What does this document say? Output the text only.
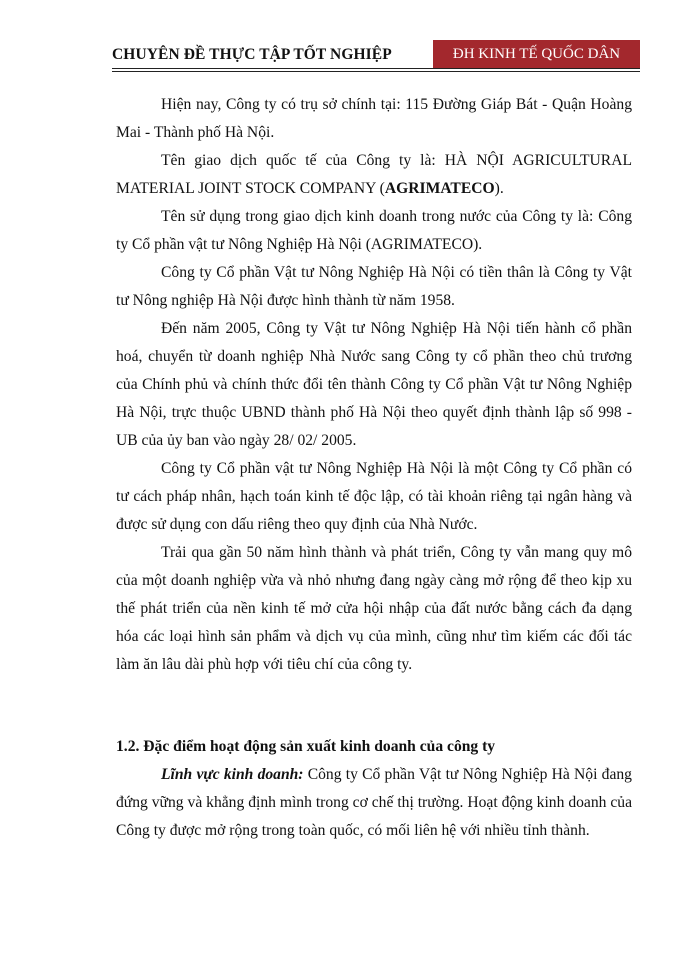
CHUYÊN ĐỀ THỰC TẬP TỐT NGHIỆP	ĐH KINH TẾ QUỐC DÂN

Hiện nay, Công ty có trụ sở chính tại: 115 Đường Giáp Bát - Quận Hoàng Mai - Thành phố Hà Nội.

Tên giao dịch quốc tế của Công ty là: HÀ NỘI AGRICULTURAL MATERIAL JOINT STOCK COMPANY (AGRIMATECO).

Tên sử dụng trong giao dịch kinh doanh trong nước của Công ty là: Công ty Cổ phần vật tư Nông Nghiệp Hà Nội (AGRIMATECO).

Công ty Cổ phần Vật tư Nông Nghiệp Hà Nội có tiền thân là Công ty Vật tư Nông nghiệp Hà Nội được hình thành từ năm 1958.

Đến năm 2005, Công ty Vật tư Nông Nghiệp Hà Nội tiến hành cổ phần hoá, chuyển từ doanh nghiệp Nhà Nước sang Công ty cổ phần theo chủ trương của Chính phủ và chính thức đổi tên thành Công ty Cổ phần Vật tư Nông Nghiệp Hà Nội, trực thuộc UBND thành phố Hà Nội theo quyết định thành lập số 998 - UB của ủy ban vào ngày 28/ 02/ 2005.

Công ty Cổ phần vật tư Nông Nghiệp Hà Nội là một Công ty Cổ phần có tư cách pháp nhân, hạch toán kinh tế độc lập, có tài khoản riêng tại ngân hàng và được sử dụng con dấu riêng theo quy định của Nhà Nước.

Trải qua gần 50 năm hình thành và phát triển, Công ty vẫn mang quy mô của một doanh nghiệp vừa và nhỏ nhưng đang ngày càng mở rộng để theo kịp xu thế phát triển của nền kinh tế mở cửa hội nhập của đất nước bằng cách đa dạng hóa các loại hình sản phẩm và dịch vụ của mình, cũng như tìm kiếm các đối tác làm ăn lâu dài phù hợp với tiêu chí của công ty.

1.2. Đặc điểm hoạt động sản xuất kinh doanh của công ty

Lĩnh vực kinh doanh: Công ty Cổ phần Vật tư Nông Nghiệp Hà Nội đang đứng vững và khẳng định mình trong cơ chế thị trường. Hoạt động kinh doanh của Công ty được mở rộng trong toàn quốc, có mối liên hệ với nhiều tỉnh thành.
